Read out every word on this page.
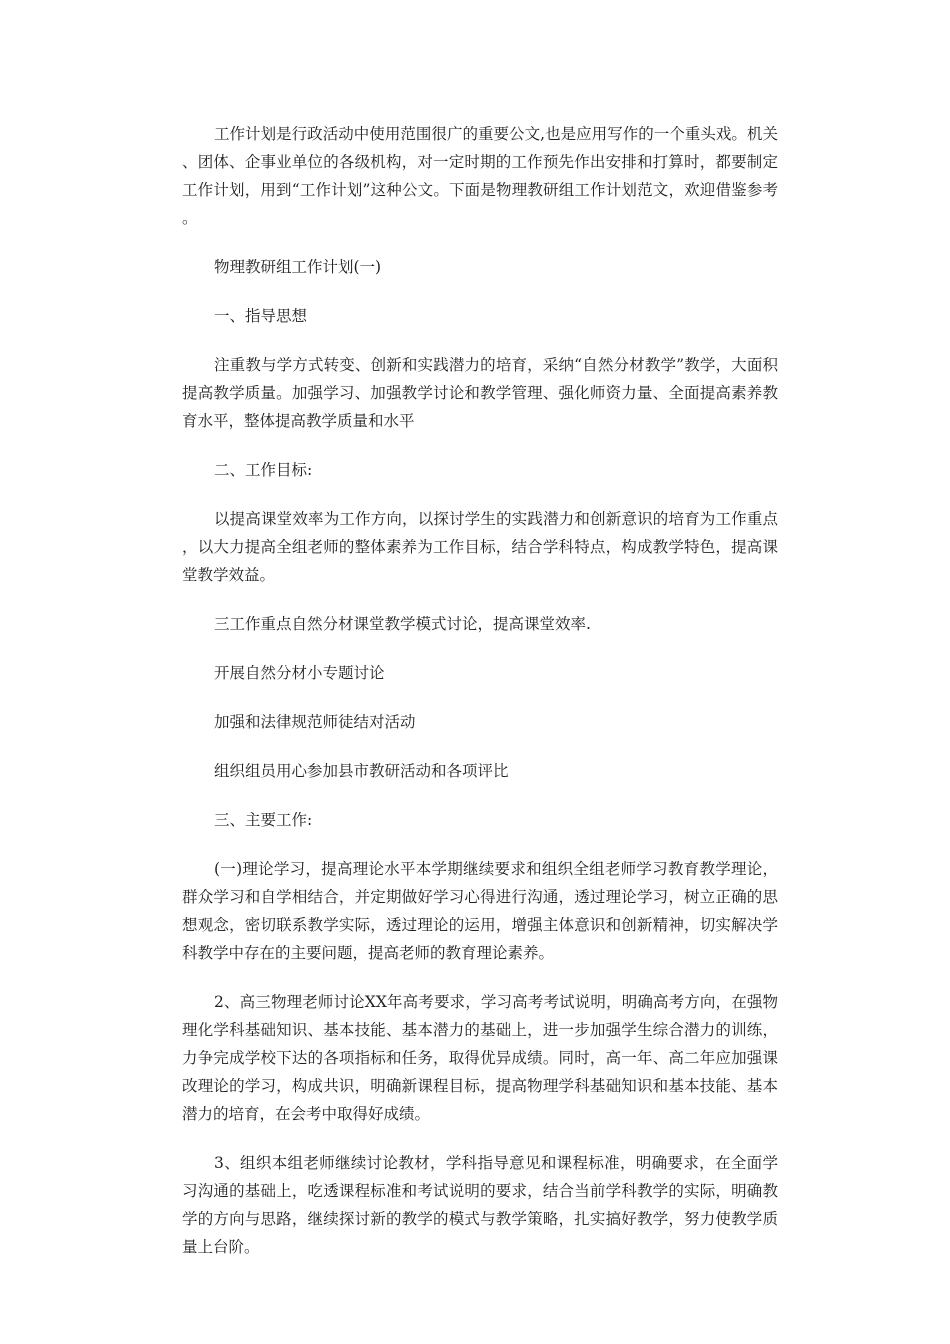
工作计划是行政活动中使用范围很广的重要公文,也是应用写作的一个重头戏。机关、团体、企事业单位的各级机构，对一定时期的工作预先作出安排和打算时，都要制定工作计划，用到“工作计划”这种公文。下面是物理教研组工作计划范文，欢迎借鉴参考。

物理教研组工作计划(一)

一、指导思想

注重教与学方式转变、创新和实践潜力的培育，采纳“自然分材教学”教学，大面积提高教学质量。加强学习、加强教学讨论和教学管理、强化师资力量、全面提高素养教育水平，整体提高教学质量和水平

二、工作目标:

以提高课堂效率为工作方向，以探讨学生的实践潜力和创新意识的培育为工作重点，以大力提高全组老师的整体素养为工作目标，结合学科特点，构成教学特色，提高课堂教学效益。

三工作重点自然分材课堂教学模式讨论，提高课堂效率.

开展自然分材小专题讨论

加强和法律规范师徒结对活动

组织组员用心参加县市教研活动和各项评比

三、主要工作:

(一)理论学习，提高理论水平本学期继续要求和组织全组老师学习教育教学理论，群众学习和自学相结合，并定期做好学习心得进行沟通，透过理论学习，树立正确的思想观念，密切联系教学实际，透过理论的运用，增强主体意识和创新精神，切实解决学科教学中存在的主要问题，提高老师的教育理论素养。

2、高三物理老师讨论XX年高考要求，学习高考考试说明，明确高考方向，在强物理化学科基础知识、基本技能、基本潜力的基础上，进一步加强学生综合潜力的训练，力争完成学校下达的各项指标和任务，取得优异成绩。同时，高一年、高二年应加强课改理论的学习，构成共识，明确新课程目标，提高物理学科基础知识和基本技能、基本潜力的培育，在会考中取得好成绩。

3、组织本组老师继续讨论教材，学科指导意见和课程标准，明确要求，在全面学习沟通的基础上，吃透课程标准和考试说明的要求，结合当前学科教学的实际，明确教学的方向与思路，继续探讨新的教学的模式与教学策略，扎实搞好教学，努力使教学质量上台阶。
